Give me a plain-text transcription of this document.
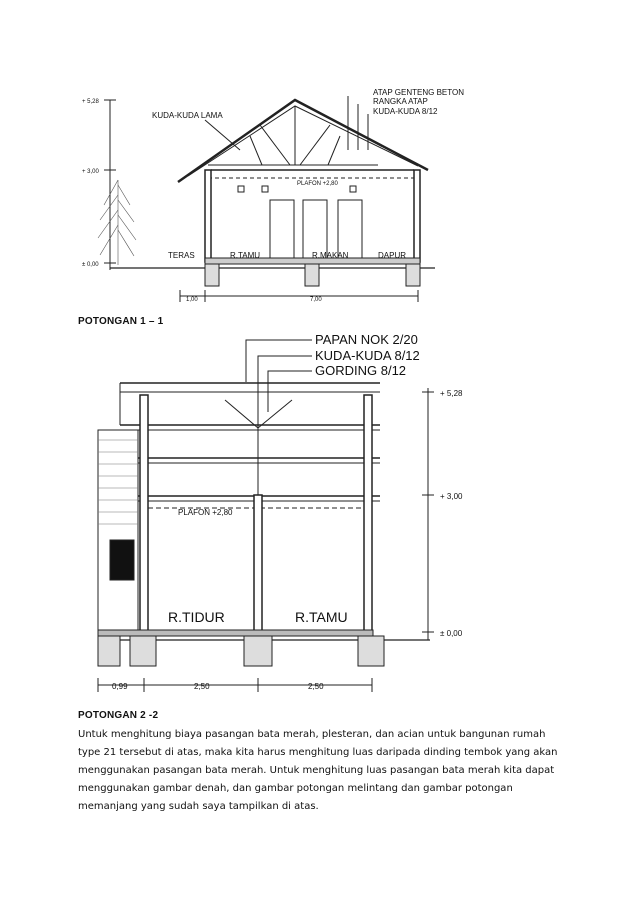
ATAP GENTENG BETON
RANGKA ATAP
KUDA-KUDA 8/12
KUDA-KUDA LAMA
PLAFON +2,80
TERAS	R.TAMU	R.MAKAN	DAPUR
+ 5,28
+ 3,00
± 0,00
1,00	7,00
PAPAN NOK 2/20
KUDA-KUDA 8/12
GORDING 8/12
PLAFON +2,80
R.TIDUR	R.TAMU
+ 5,28
+ 3,00
± 0,00
0,99	2,50	2,50
POTONGAN 1 – 1
POTONGAN 2 -2
Untuk menghitung biaya pasangan bata merah, plesteran, dan acian untuk bangunan rumah type 21 tersebut di atas, maka kita harus menghitung luas daripada dinding tembok yang akan menggunakan pasangan bata merah. Untuk menghitung luas pasangan bata merah kita dapat menggunakan gambar denah, dan gambar potongan melintang dan gambar potongan memanjang yang sudah saya tampilkan di atas.
